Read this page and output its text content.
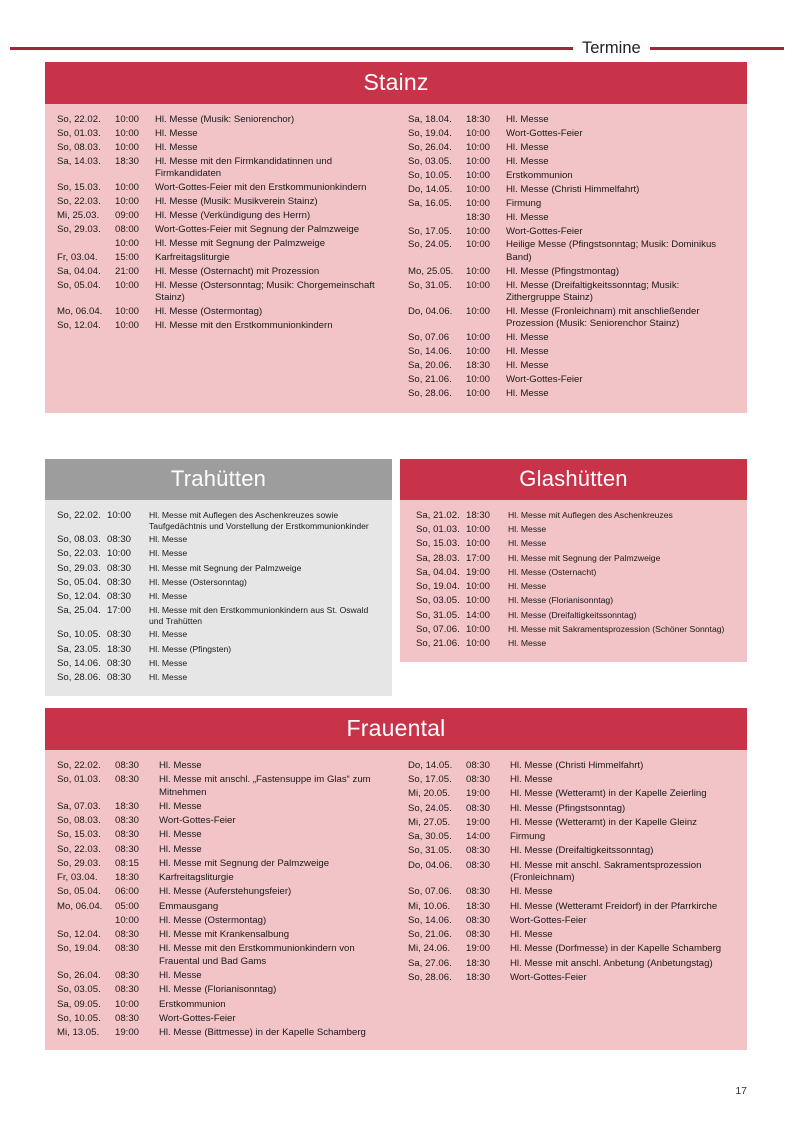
Termine
Stainz
So, 22.02.	10:00	Hl. Messe (Musik: Seniorenchor)
So, 01.03.	10:00	Hl. Messe
So, 08.03.	10:00	Hl. Messe
Sa, 14.03.	18:30	Hl. Messe mit den Firmkandidatinnen und Firmkandidaten
So, 15.03.	10:00	Wort-Gottes-Feier mit den Erstkommunionkindern
So, 22.03.	10:00	Hl. Messe (Musik: Musikverein Stainz)
Mi, 25.03.	09:00	Hl. Messe (Verkündigung des Herrn)
So, 29.03.	08:00	Wort-Gottes-Feier mit Segnung der Palmzweige
	10:00	Hl. Messe mit Segnung der Palmzweige
Fr, 03.04.	15:00	Karfreitagsliturgie
Sa, 04.04.	21:00	Hl. Messe (Osternacht) mit Prozession
So, 05.04.	10:00	Hl. Messe (Ostersonntag; Musik: Chorgemeinschaft Stainz)
Mo, 06.04.	10:00	Hl. Messe (Ostermontag)
So, 12.04.	10:00	Hl. Messe mit den Erstkommunionkindern
Sa, 18.04.	18:30	Hl. Messe
So, 19.04.	10:00	Wort-Gottes-Feier
So, 26.04.	10:00	Hl. Messe
So, 03.05.	10:00	Hl. Messe
So, 10.05.	10:00	Erstkommunion
Do, 14.05.	10:00	Hl. Messe (Christi Himmelfahrt)
Sa, 16.05.	10:00	Firmung
	18:30	Hl. Messe
So, 17.05.	10:00	Wort-Gottes-Feier
So, 24.05.	10:00	Heilige Messe (Pfingstsonntag; Musik: Dominikus Band)
Mo, 25.05.	10:00	Hl. Messe (Pfingstmontag)
So, 31.05.	10:00	Hl. Messe (Dreifaltigkeitssonntag; Musik: Zithergruppe Stainz)
Do, 04.06.	10:00	Hl. Messe (Fronleichnam) mit anschließender Prozession (Musik: Seniorenchor Stainz)
So, 07.06	10:00	Hl. Messe
So, 14.06.	10:00	Hl. Messe
Sa, 20.06.	18:30	Hl. Messe
So, 21.06.	10:00	Wort-Gottes-Feier
So, 28.06.	10:00	Hl. Messe
Trahütten
So, 22.02.	10:00	Hl. Messe mit Auflegen des Aschenkreuzes sowie Taufgedächtnis und Vorstellung der Erstkommunionkinder
So, 08.03.	08:30	Hl. Messe
So, 22.03.	10:00	Hl. Messe
So, 29.03.	08:30	Hl. Messe mit Segnung der Palmzweige
So, 05.04.	08:30	Hl. Messe (Ostersonntag)
So, 12.04.	08:30	Hl. Messe
Sa, 25.04.	17:00	Hl. Messe mit den Erstkommunionkindern aus St. Oswald und Trahütten
So, 10.05.	08:30	Hl. Messe
Sa, 23.05.	18:30	Hl. Messe (Pfingsten)
So, 14.06.	08:30	Hl. Messe
So, 28.06.	08:30	Hl. Messe
Glashütten
Sa, 21.02.	18:30	Hl. Messe mit Auflegen des Aschenkreuzes
So, 01.03.	10:00	Hl. Messe
So, 15.03.	10:00	Hl. Messe
Sa, 28.03.	17:00	Hl. Messe mit Segnung der Palmzweige
Sa, 04.04.	19:00	Hl. Messe (Osternacht)
So, 19.04.	10:00	Hl. Messe
So, 03.05.	10:00	Hl. Messe (Florianisonntag)
So, 31.05.	14:00	Hl. Messe (Dreifaltigkeitssonntag)
So, 07.06.	10:00	Hl. Messe mit Sakramentsprozession (Schöner Sonntag)
So, 21.06.	10:00	Hl. Messe
Frauental
So, 22.02.	08:30	Hl. Messe
So, 01.03.	08:30	Hl. Messe mit anschl. „Fastensuppe im Glas“ zum Mitnehmen
Sa, 07.03.	18:30	Hl. Messe
So, 08.03.	08:30	Wort-Gottes-Feier
So, 15.03.	08:30	Hl. Messe
So, 22.03.	08:30	Hl. Messe
So, 29.03.	08:15	Hl. Messe mit Segnung der Palmzweige
Fr, 03.04.	18:30	Karfreitagsliturgie
So, 05.04.	06:00	Hl. Messe (Auferstehungsfeier)
Mo, 06.04.	05:00	Emmausgang
	10:00	Hl. Messe (Ostermontag)
So, 12.04.	08:30	Hl. Messe mit Krankensalbung
So, 19.04.	08:30	Hl. Messe mit den Erstkommunionkindern von Frauental und Bad Gams
So, 26.04.	08:30	Hl. Messe
So, 03.05.	08:30	Hl. Messe (Florianisonntag)
Sa, 09.05.	10:00	Erstkommunion
So, 10.05.	08:30	Wort-Gottes-Feier
Mi, 13.05.	19:00	Hl. Messe (Bittmesse) in der Kapelle Schamberg
Do, 14.05.	08:30	Hl. Messe (Christi Himmelfahrt)
So, 17.05.	08:30	Hl. Messe
Mi, 20.05.	19:00	Hl. Messe (Wetteramt) in der Kapelle Zeierling
So, 24.05.	08:30	Hl. Messe (Pfingstsonntag)
Mi, 27.05.	19:00	Hl. Messe (Wetteramt) in der Kapelle Gleinz
Sa, 30.05.	14:00	Firmung
So, 31.05.	08:30	Hl. Messe (Dreifaltigkeitssonntag)
Do, 04.06.	08:30	Hl. Messe mit anschl. Sakramentsprozession (Fronleichnam)
So, 07.06.	08:30	Hl. Messe
Mi, 10.06.	18:30	Hl. Messe (Wetteramt Freidorf) in der Pfarrkirche
So, 14.06.	08:30	Wort-Gottes-Feier
So, 21.06.	08:30	Hl. Messe
Mi, 24.06.	19:00	Hl. Messe (Dorfmesse) in der Kapelle Schamberg
Sa, 27.06.	18:30	Hl. Messe mit anschl. Anbetung (Anbetungstag)
So, 28.06.	18:30	Wort-Gottes-Feier
17
